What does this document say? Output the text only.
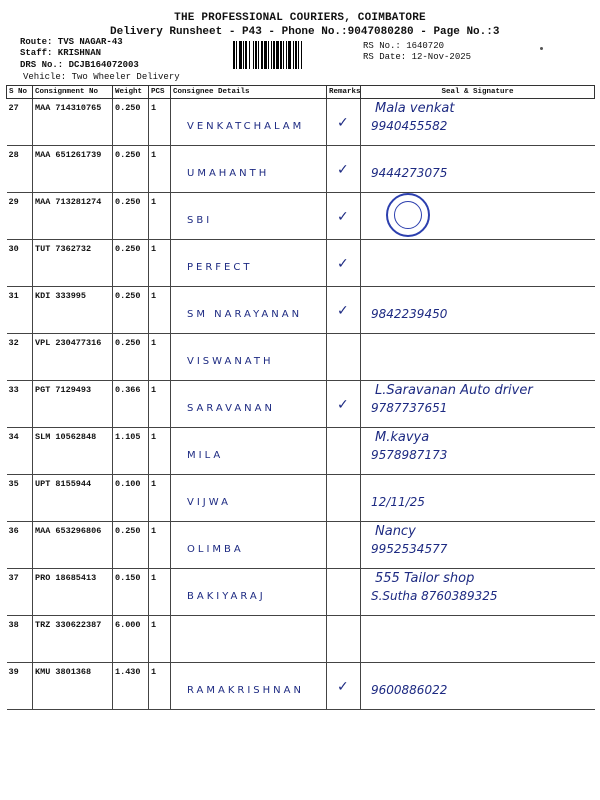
THE PROFESSIONAL COURIERS, COIMBATORE
Delivery Runsheet - P43 - Phone No.:9047080280 - Page No.:3
Route: TVS NAGAR-43
Staff: KRISHNAN
DRS No.: DCJB164072003
Vehicle: Two Wheeler Delivery
RS No.: 1640720
RS Date: 12-Nov-2025
S No	Consignment No	Weight	PCS	Consignee Details	Remarks	Seal & Signature
27	MAA 714310765	0.250	1	VENKATCHALAM	✓	Mala venkat
9940455582

28	MAA 651261739	0.250	1	UMAHANTH	✓	9444273075

29	MAA 713281274	0.250	1	SBI	✓	

30	TUT 7362732	0.250	1	PERFECT	✓	

31	KDI 333995	0.250	1	SM NARAYANAN	✓	9842239450

32	VPL 230477316	0.250	1	VISWANATH		

33	PGT 7129493	0.366	1	SARAVANAN	✓	L.Saravanan Auto driver
9787737651

34	SLM 10562848	1.105	1	MILA		M.kavya
9578987173

35	UPT 8155944	0.100	1	VIJWA		12/11/25

36	MAA 653296806	0.250	1	OLIMBA		Nancy
9952534577

37	PRO 18685413	0.150	1	BAKIYARAJ		555 Tailor shop
S.Sutha 8760389325

38	TRZ 330622387	6.000	1	

39	KMU 3801368	1.430	1	RAMAKRISHNAN	✓	9600886022
